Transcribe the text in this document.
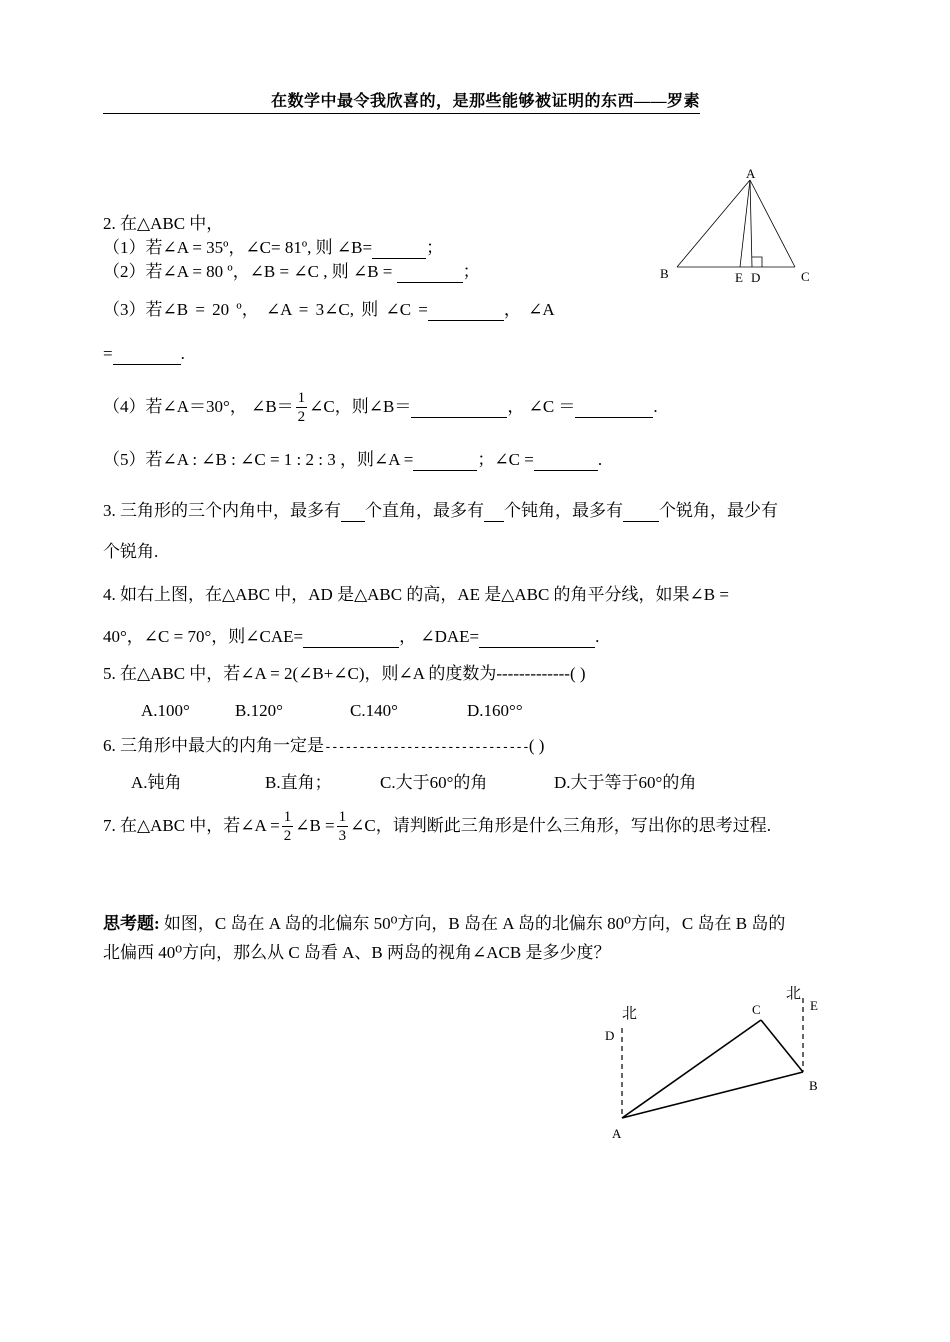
在数学中最令我欣喜的，是那些能够被证明的东西——罗素
A
B	E D	C
2. 在△ABC 中，
（1）若∠A = 35º，∠C= 81º, 则 ∠B=	；
（2）若∠A = 80 º，∠B = ∠C , 则 ∠B =	；
（3）若∠B = 20 º， ∠A = 3∠C, 则 ∠C =	， ∠A
=	.
（4）若∠A＝30°， ∠B＝ $\frac{1}{2}$ ∠C，则∠B＝
	， ∠C ＝
	.
（5）若∠A : ∠B : ∠C = 1 : 2 : 3 ，则∠A =	；∠C =	.
3. 三角形的三个内角中，最多有 个直角，最多有 个钝角，最多有 个锐角，最少有
个锐角.
4. 如右上图，在△ABC 中，AD 是△ABC 的高，AE 是△ABC 的角平分线，如果∠B =
40°，∠C = 70°，则∠CAE=	， ∠DAE=	.
5. 在△ABC 中，若∠A = 2(∠B+∠C)，则∠A 的度数为-------------( )
A.100°	B.120°	C.140°	D.160°°
6. 三角形中最大的内角一定是------------------------------( )
A.钝角	B.直角；	C.大于60°的角	D.大于等于60°的角
7. 在△ABC 中，若∠A = $\frac{1}{2}$ ∠B = $\frac{1}{3}$ ∠C，请判断此三角形是什么三角形，写出你的思考过程.
思考题: 如图，C 岛在 A 岛的北偏东 50⁰方向，B 岛在 A 岛的北偏东 80⁰方向，C 岛在 B 岛的
北偏西 40⁰方向，那么从 C 岛看 A、B 两岛的视角∠ACB 是多少度？
北
D
C
北
E
B
A
